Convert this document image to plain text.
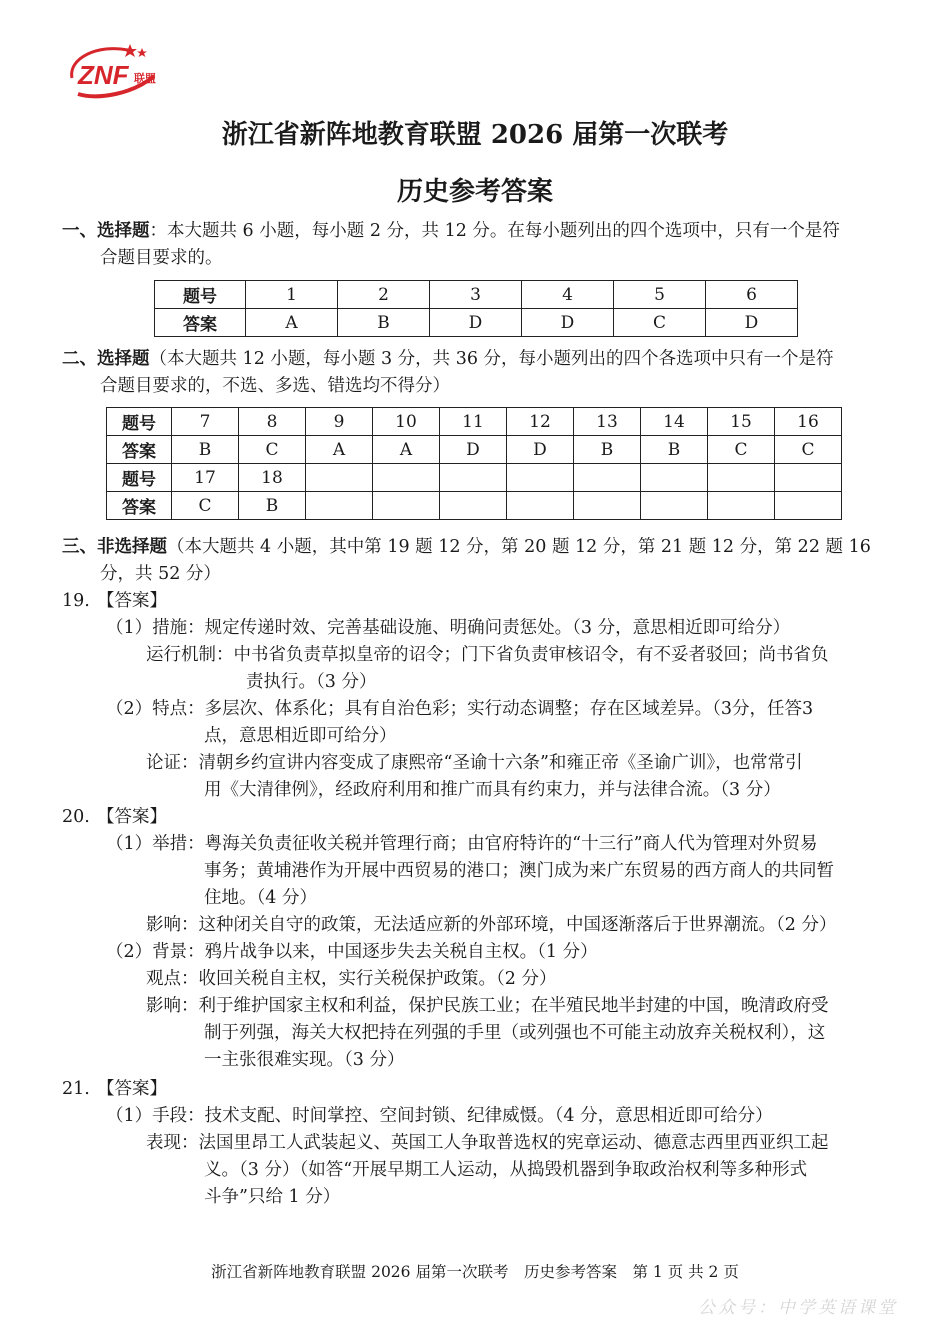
ZNF 联盟
浙江省新阵地教育联盟 2026 届第一次联考
历史参考答案
一、选择题：本大题共 6 小题，每小题 2 分，共 12 分。在每小题列出的四个选项中，只有一个是符
合题目要求的。
题号	1	2	3	4	5	6
答案	A	B	D	D	C	D
二、选择题（本大题共 12 小题，每小题 3 分，共 36 分，每小题列出的四个各选项中只有一个是符
合题目要求的，不选、多选、错选均不得分）
题号	7	8	9	10	11	12	13	14	15	16
答案	B	C	A	A	D	D	B	B	C	C
题号	17	18								
答案	C	B								
三、非选择题（本大题共 4 小题，其中第 19 题 12 分，第 20 题 12 分，第 21 题 12 分，第 22 题 16
分，共 52 分）
19. 【答案】
（1）措施：规定传递时效、完善基础设施、明确问责惩处。（3 分，意思相近即可给分）
运行机制：中书省负责草拟皇帝的诏令；门下省负责审核诏令，有不妥者驳回；尚书省负
责执行。（3 分）
（2）特点：多层次、体系化；具有自治色彩；实行动态调整；存在区域差异。（3分，任答3
点，意思相近即可给分）
论证：清朝乡约宣讲内容变成了康熙帝“圣谕十六条”和雍正帝《圣谕广训》，也常常引
用《大清律例》，经政府利用和推广而具有约束力，并与法律合流。（3 分）
20. 【答案】
（1）举措：粤海关负责征收关税并管理行商；由官府特许的“十三行”商人代为管理对外贸易
事务；黄埔港作为开展中西贸易的港口；澳门成为来广东贸易的西方商人的共同暂
住地。（4 分）
影响：这种闭关自守的政策，无法适应新的外部环境，中国逐渐落后于世界潮流。（2 分）
（2）背景：鸦片战争以来，中国逐步失去关税自主权。（1 分）
观点：收回关税自主权，实行关税保护政策。（2 分）
影响：利于维护国家主权和利益，保护民族工业；在半殖民地半封建的中国，晚清政府受
制于列强，海关大权把持在列强的手里（或列强也不可能主动放弃关税权利），这
一主张很难实现。（3 分）
21. 【答案】
（1）手段：技术支配、时间掌控、空间封锁、纪律威慑。（4 分，意思相近即可给分）
表现：法国里昂工人武装起义、英国工人争取普选权的宪章运动、德意志西里西亚织工起
义。（3 分）（如答“开展早期工人运动，从捣毁机器到争取政治权利等多种形式
斗争”只给 1 分）
浙江省新阵地教育联盟 2026 届第一次联考　历史参考答案　第 1 页 共 2 页
公众号：中学英语课堂
